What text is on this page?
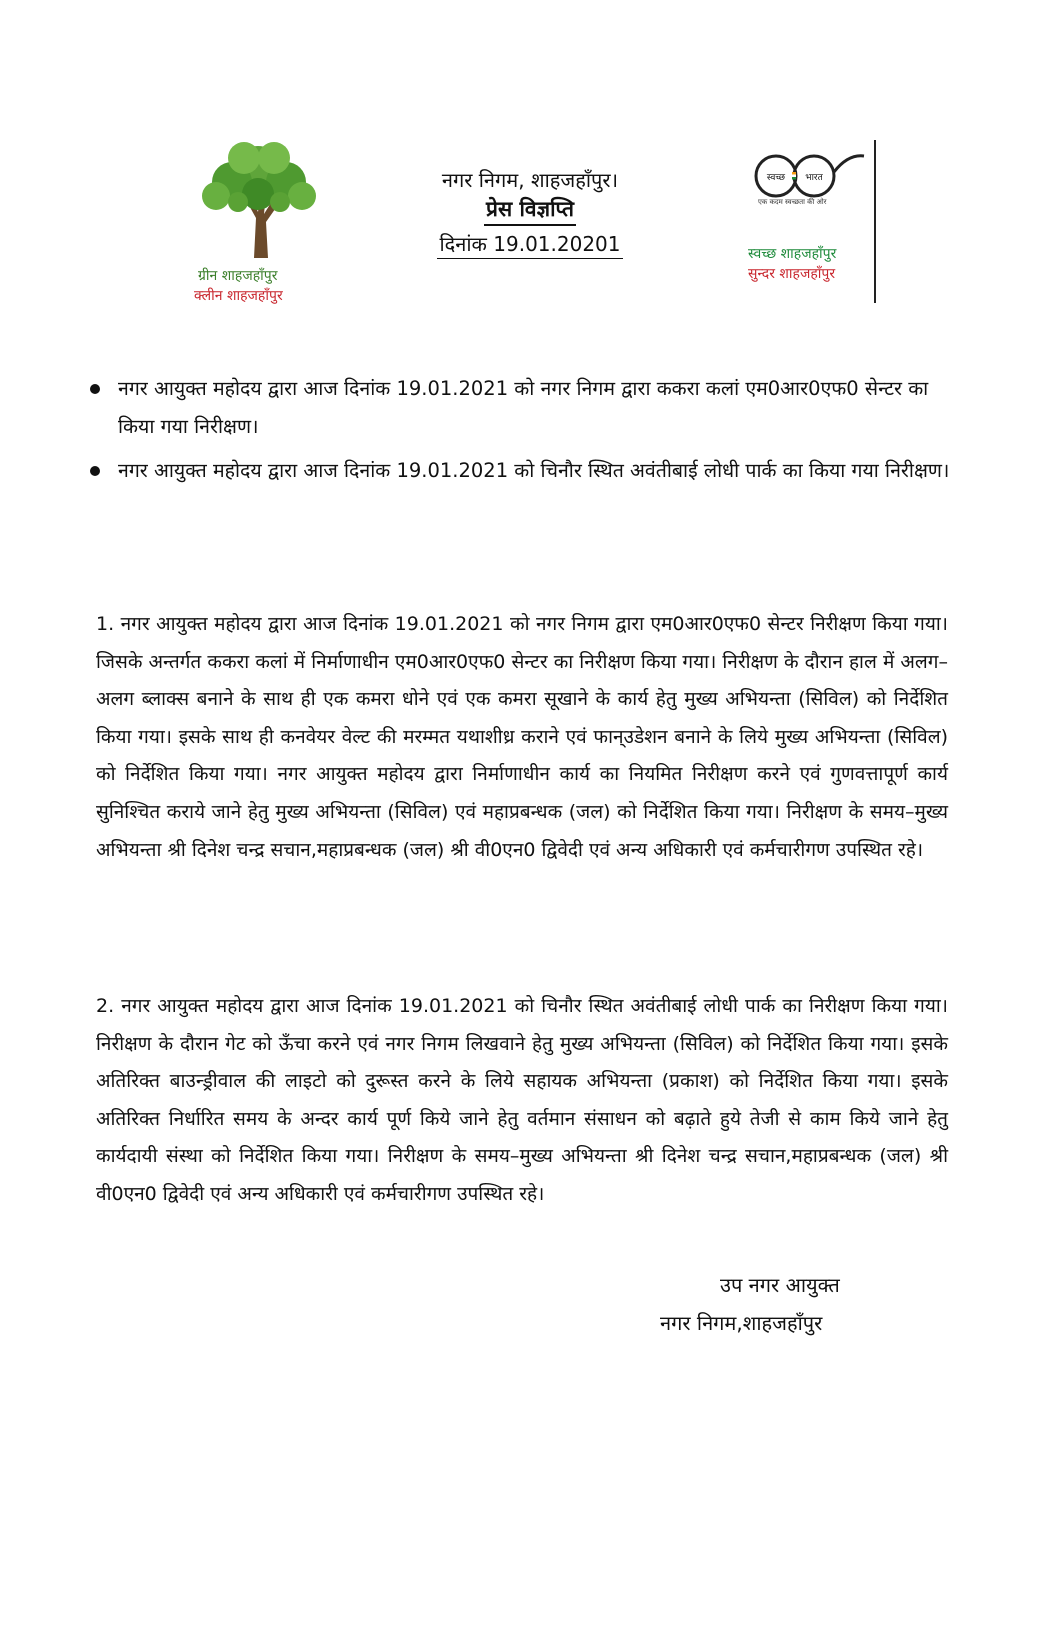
ग्रीन शाहजहाँपुर
क्लीन शाहजहाँपुर
नगर निगम, शाहजहाँपुर।
प्रेस विज्ञप्ति
दिनांक 19.01.20201
स्वच्छ भारत
एक कदम स्वच्छता की ओर
स्वच्छ शाहजहाँपुर
सुन्दर शाहजहाँपुर
नगर आयुक्त महोदय द्वारा आज दिनांक 19.01.2021 को नगर निगम द्वारा ककरा कलां एम0आर0एफ0 सेन्टर का किया गया निरीक्षण।
नगर आयुक्त महोदय द्वारा आज दिनांक 19.01.2021 को चिनौर स्थित अवंतीबाई लोधी पार्क का किया गया निरीक्षण।
1. नगर आयुक्त महोदय द्वारा आज दिनांक 19.01.2021 को नगर निगम द्वारा एम0आर0एफ0 सेन्टर निरीक्षण किया गया। जिसके अन्तर्गत ककरा कलां में निर्माणाधीन एम0आर0एफ0 सेन्टर का निरीक्षण किया गया। निरीक्षण के दौरान हाल में अलग–अलग ब्लाक्स बनाने के साथ ही एक कमरा धोने एवं एक कमरा सूखाने के कार्य हेतु मुख्य अभियन्ता (सिविल) को निर्देशित किया गया। इसके साथ ही कनवेयर वेल्ट की मरम्मत यथाशीध्र कराने एवं फान्उडेशन बनाने के लिये मुख्य अभियन्ता (सिविल) को निर्देशित किया गया। नगर आयुक्त महोदय द्वारा निर्माणाधीन कार्य का नियमित निरीक्षण करने एवं गुणवत्तापूर्ण कार्य सुनिश्चित कराये जाने हेतु मुख्य अभियन्ता (सिविल) एवं महाप्रबन्धक (जल) को निर्देशित किया गया। निरीक्षण के समय–मुख्य अभियन्ता श्री दिनेश चन्द्र सचान,महाप्रबन्धक (जल) श्री वी0एन0 द्विवेदी एवं अन्य अधिकारी एवं कर्मचारीगण उपस्थित रहे।
2. नगर आयुक्त महोदय द्वारा आज दिनांक 19.01.2021 को चिनौर स्थित अवंतीबाई लोधी पार्क का निरीक्षण किया गया। निरीक्षण के दौरान गेट को ऊँचा करने एवं नगर निगम लिखवाने हेतु मुख्य अभियन्ता (सिविल) को निर्देशित किया गया। इसके अतिरिक्त बाउन्ड्रीवाल की लाइटो को दुरूस्त करने के लिये सहायक अभियन्ता (प्रकाश) को निर्देशित किया गया। इसके अतिरिक्त निर्धारित समय के अन्दर कार्य पूर्ण किये जाने हेतु वर्तमान संसाधन को बढ़ाते हुये तेजी से काम किये जाने हेतु कार्यदायी संस्था को निर्देशित किया गया। निरीक्षण के समय–मुख्य अभियन्ता श्री दिनेश चन्द्र सचान,महाप्रबन्धक (जल) श्री वी0एन0 द्विवेदी एवं अन्य अधिकारी एवं कर्मचारीगण उपस्थित रहे।
उप नगर आयुक्त
नगर निगम,शाहजहाँपुर
